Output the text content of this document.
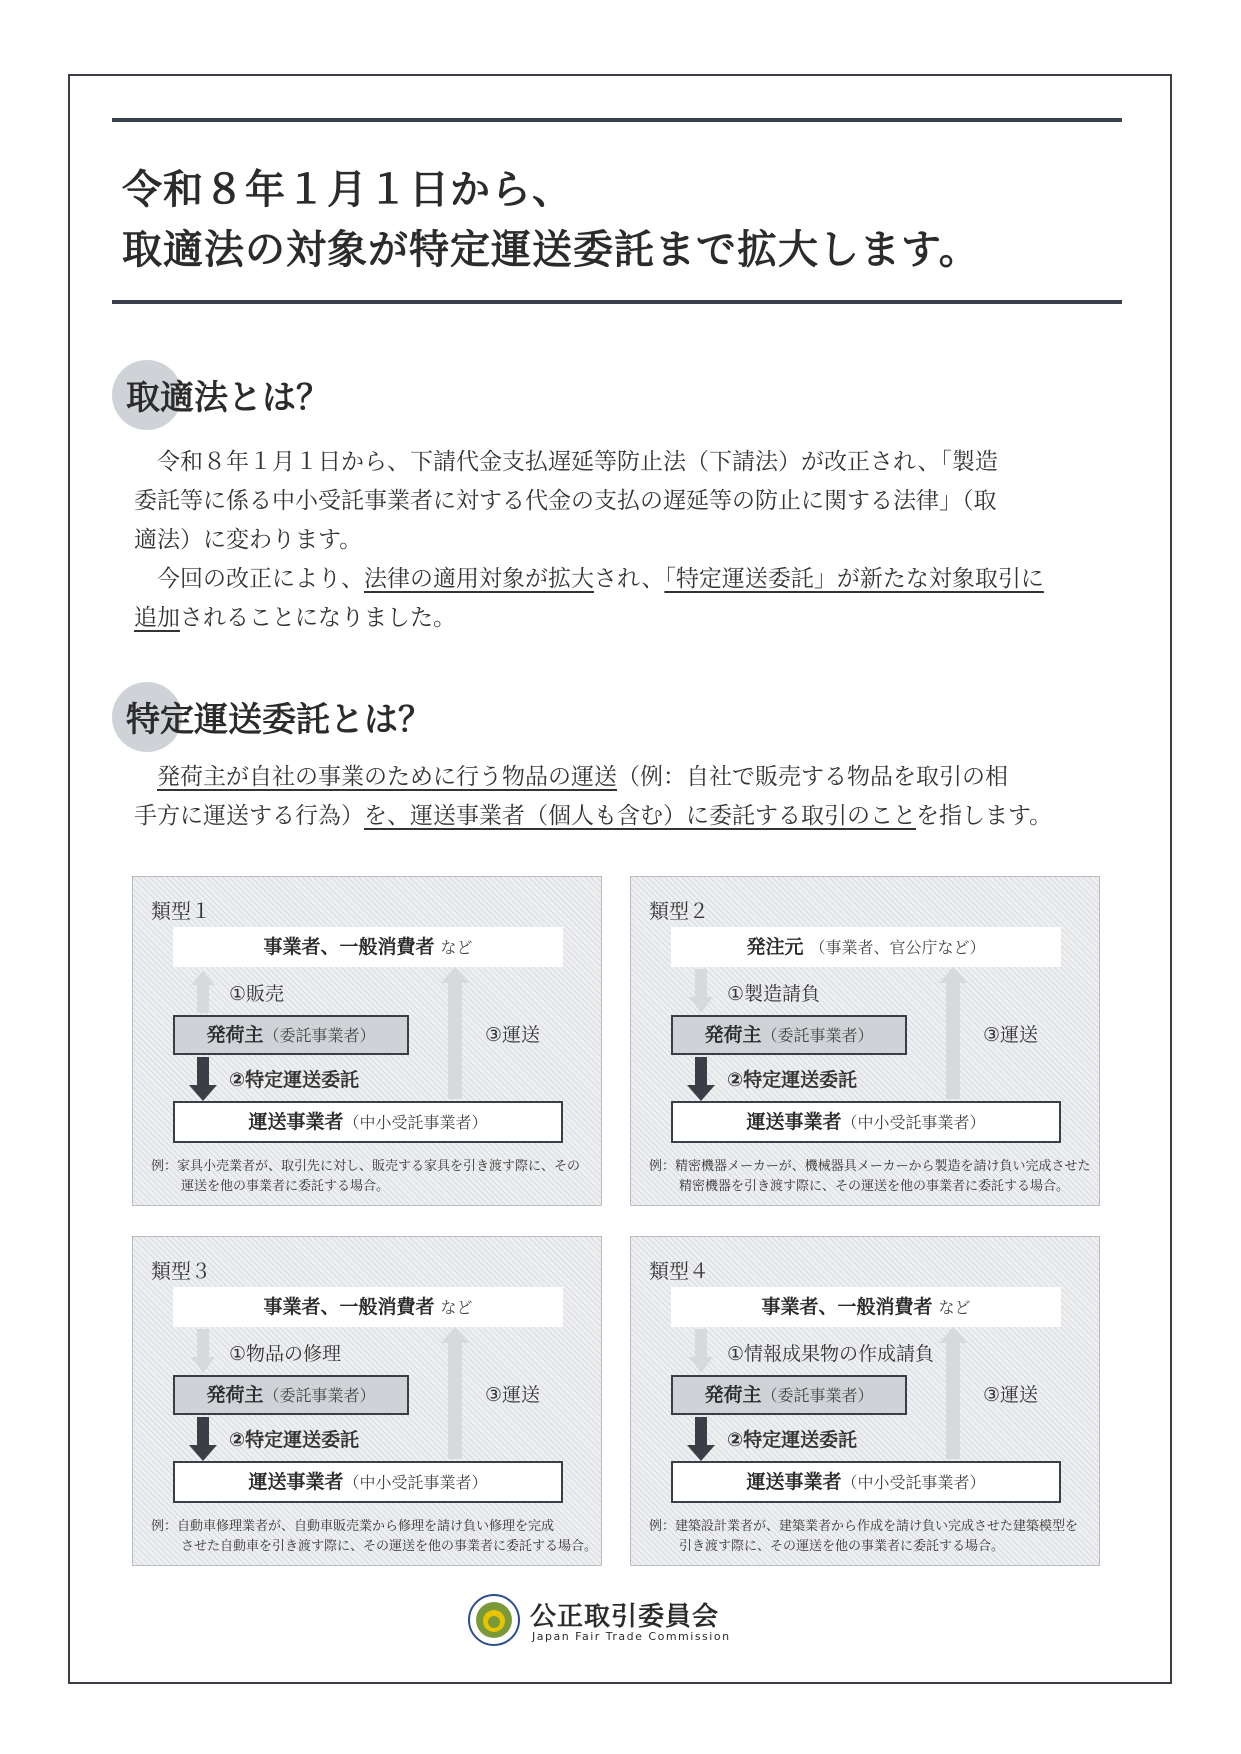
令和８年１月１日から、
取適法の対象が特定運送委託まで拡大します。
取適法とは？
　令和８年１月１日から、下請代金支払遅延等防止法（下請法）が改正され、「製造
委託等に係る中小受託事業者に対する代金の支払の遅延等の防止に関する法律」（取
適法）に変わります。
　今回の改正により、法律の適用対象が拡大され、「特定運送委託」が新たな対象取引に
追加されることになりました。
特定運送委託とは？
　発荷主が自社の事業のために行う物品の運送（例：自社で販売する物品を取引の相
手方に運送する行為）を、運送事業者（個人も含む）に委託する取引のことを指します。
類型１
事業者、一般消費者 など
①販売
発荷主（委託事業者）
②特定運送委託
③運送
運送事業者（中小受託事業者）
例：家具小売業者が、取引先に対し、販売する家具を引き渡す際に、その
運送を他の事業者に委託する場合。
類型２
発注元 （事業者、官公庁など）
①製造請負
発荷主（委託事業者）
②特定運送委託
③運送
運送事業者（中小受託事業者）
例：精密機器メーカーが、機械器具メーカーから製造を請け負い完成させた
精密機器を引き渡す際に、その運送を他の事業者に委託する場合。
類型３
事業者、一般消費者 など
①物品の修理
発荷主（委託事業者）
②特定運送委託
③運送
運送事業者（中小受託事業者）
例：自動車修理業者が、自動車販売業から修理を請け負い修理を完成
させた自動車を引き渡す際に、その運送を他の事業者に委託する場合。
類型４
事業者、一般消費者 など
①情報成果物の作成請負
発荷主（委託事業者）
②特定運送委託
③運送
運送事業者（中小受託事業者）
例：建築設計業者が、建築業者から作成を請け負い完成させた建築模型を
引き渡す際に、その運送を他の事業者に委託する場合。
公正取引委員会
Japan Fair Trade Commission
